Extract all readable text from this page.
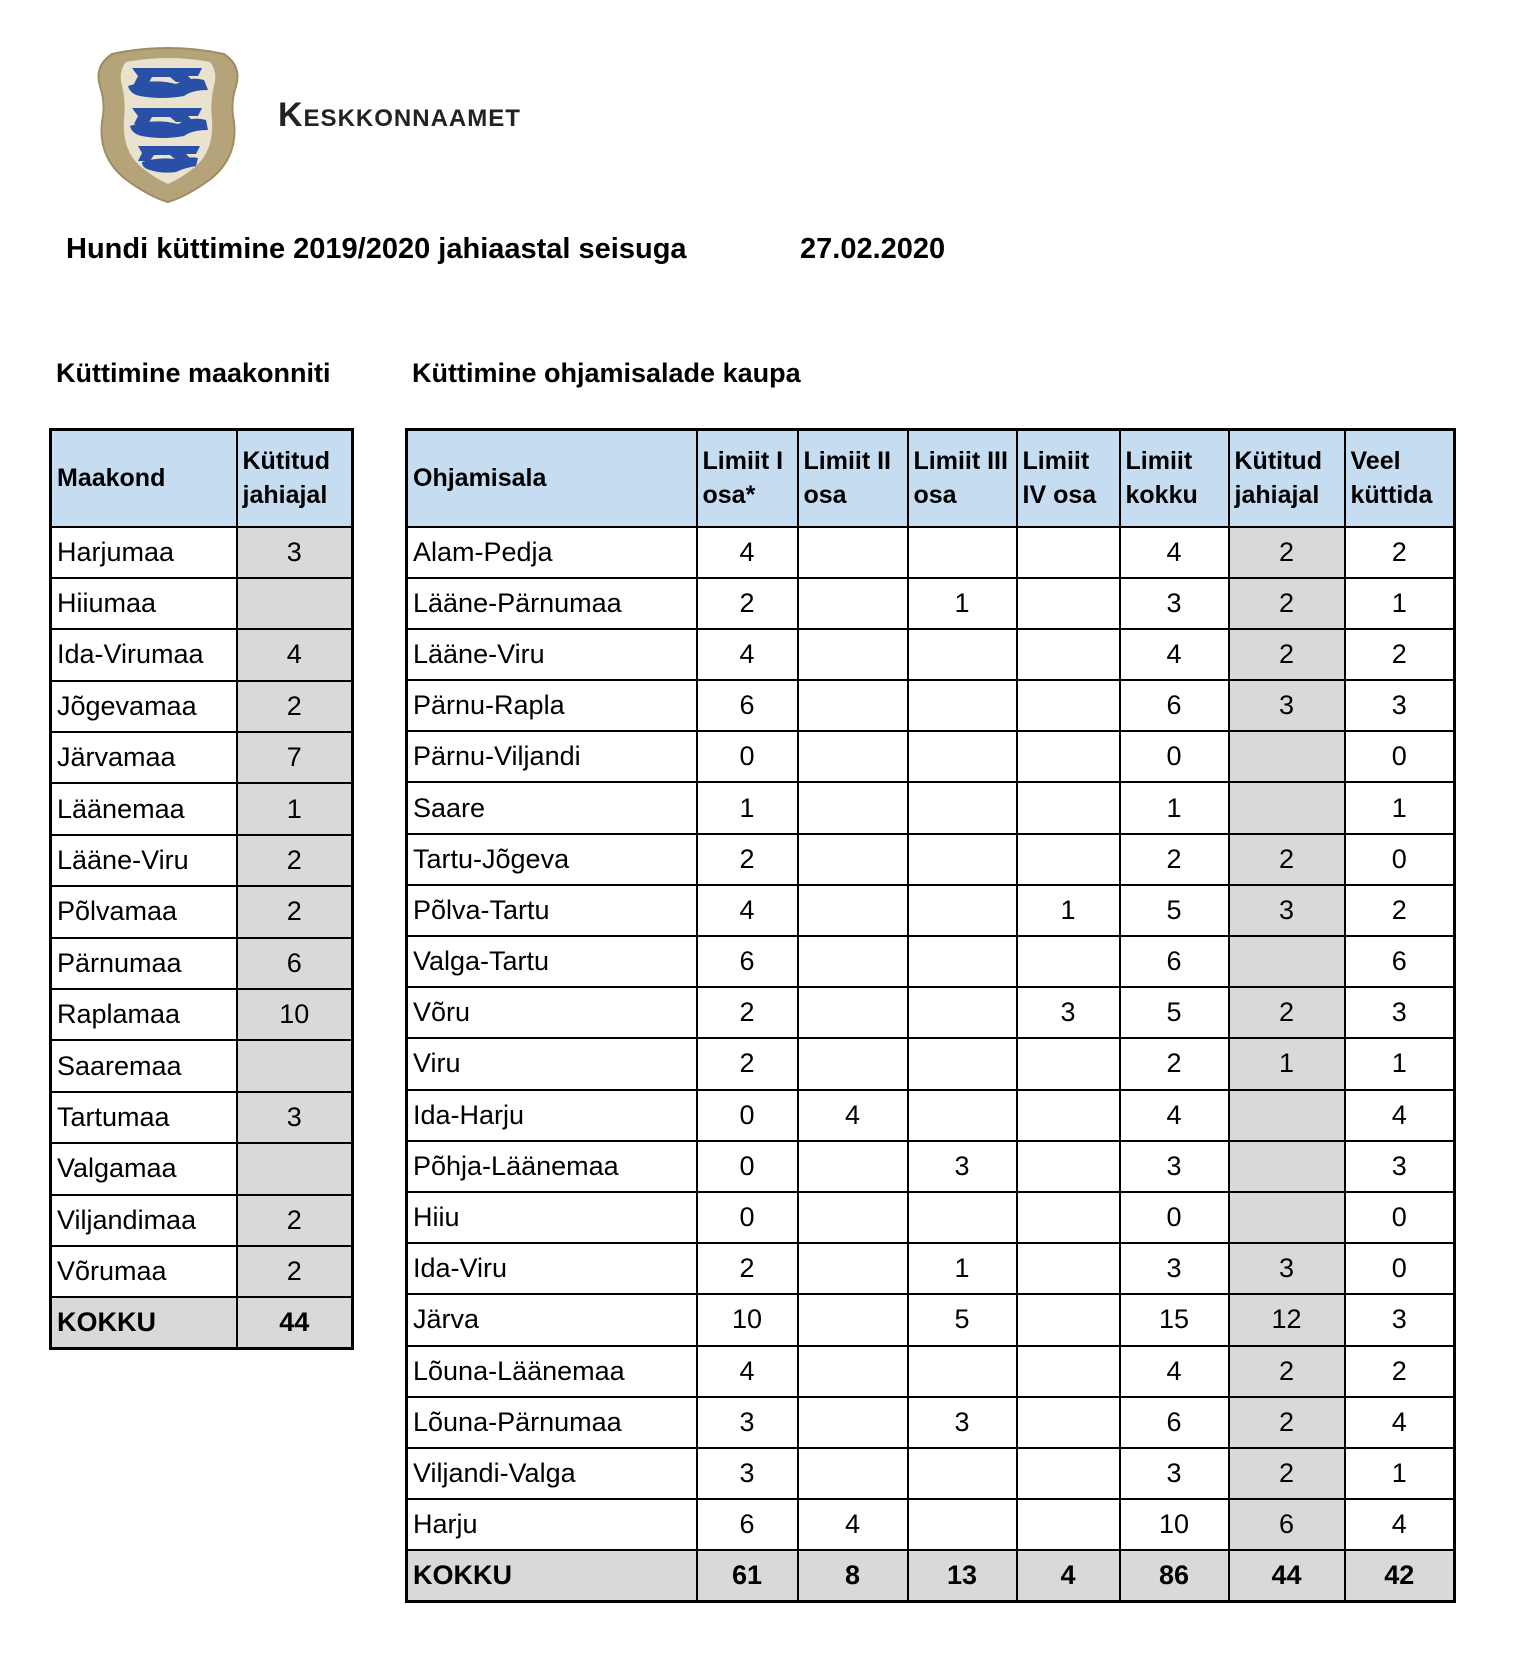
Keskkonnaamet
Hundi küttimine 2019/2020 jahiaastal seisuga	27.02.2020
Küttimine maakonniti	Küttimine ohjamisalade kaupa
Maakond	Kütitud jahiajal
Harjumaa	3
Hiiumaa	
Ida-Virumaa	4
Jõgevamaa	2
Järvamaa	7
Läänemaa	1
Lääne-Viru	2
Põlvamaa	2
Pärnumaa	6
Raplamaa	10
Saaremaa	
Tartumaa	3
Valgamaa	
Viljandimaa	2
Võrumaa	2
KOKKU	44
Ohjamisala	Limiit I osa*	Limiit II osa	Limiit III osa	Limiit IV osa	Limiit kokku	Kütitud jahiajal	Veel küttida
Alam-Pedja	4				4	2	2
Lääne-Pärnumaa	2		1		3	2	1
Lääne-Viru	4				4	2	2
Pärnu-Rapla	6				6	3	3
Pärnu-Viljandi	0				0		0
Saare	1				1		1
Tartu-Jõgeva	2				2	2	0
Põlva-Tartu	4			1	5	3	2
Valga-Tartu	6				6		6
Võru	2			3	5	2	3
Viru	2				2	1	1
Ida-Harju	0	4			4		4
Põhja-Läänemaa	0		3		3		3
Hiiu	0				0		0
Ida-Viru	2		1		3	3	0
Järva	10		5		15	12	3
Lõuna-Läänemaa	4				4	2	2
Lõuna-Pärnumaa	3		3		6	2	4
Viljandi-Valga	3				3	2	1
Harju	6	4			10	6	4
KOKKU	61	8	13	4	86	44	42
